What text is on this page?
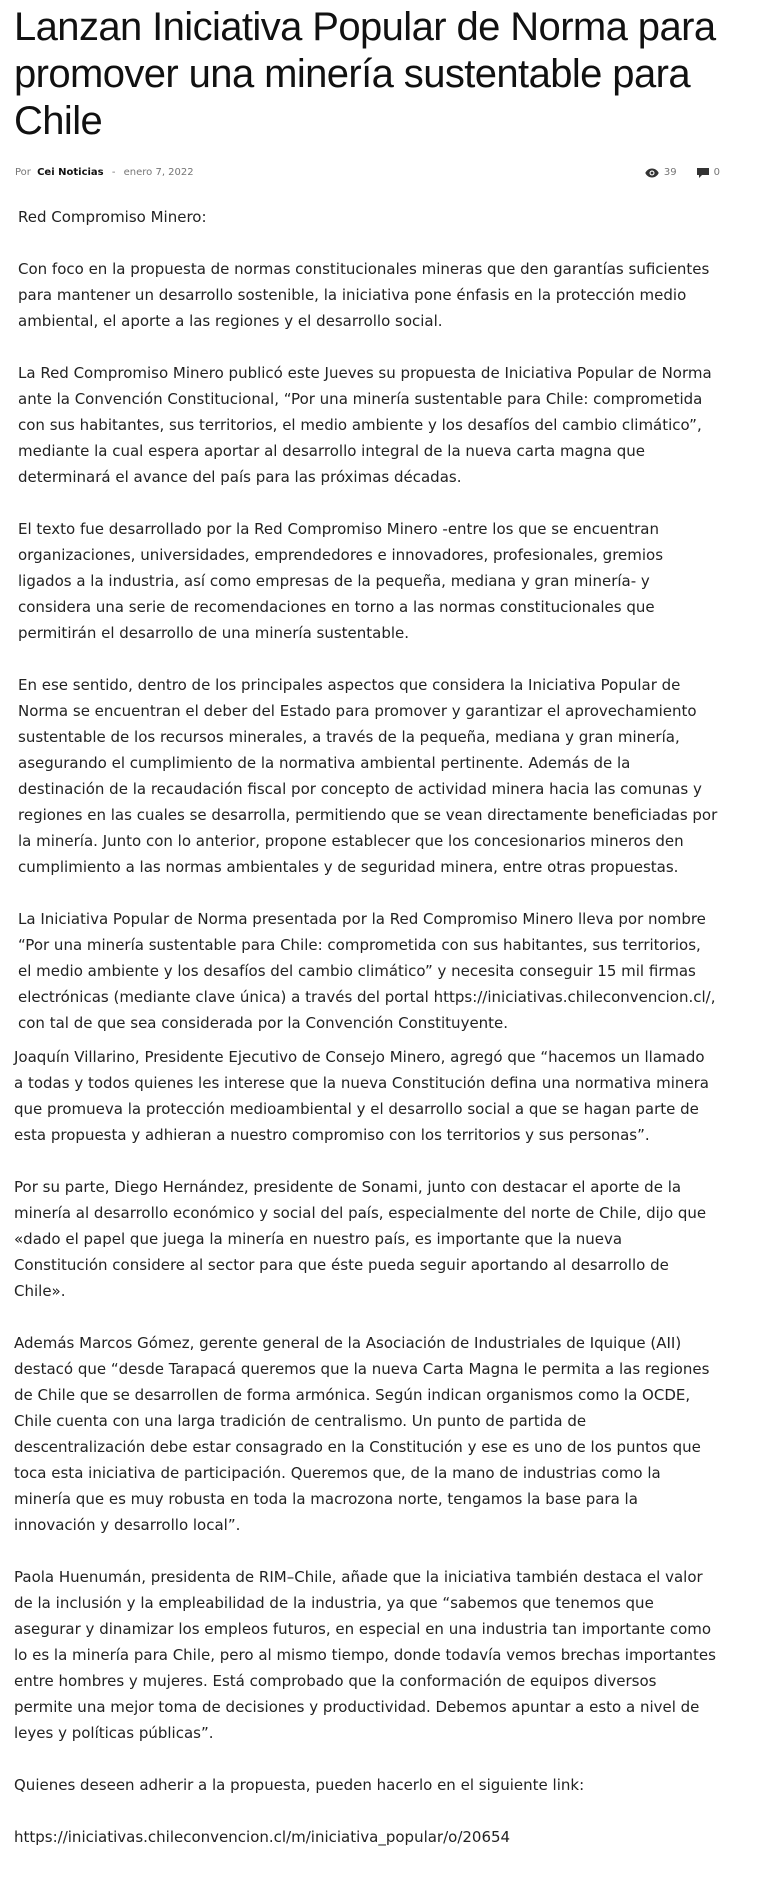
Lanzan Iniciativa Popular de Norma para promover una minería sustentable para Chile
Por Cei Noticias - enero 7, 2022	39	0

Red Compromiso Minero:

Con foco en la propuesta de normas constitucionales mineras que den garantías suficientes para mantener un desarrollo sostenible, la iniciativa pone énfasis en la protección medio ambiental, el aporte a las regiones y el desarrollo social.

La Red Compromiso Minero publicó este Jueves su propuesta de Iniciativa Popular de Norma ante la Convención Constitucional, “Por una minería sustentable para Chile: comprometida con sus habitantes, sus territorios, el medio ambiente y los desafíos del cambio climático”, mediante la cual espera aportar al desarrollo integral de la nueva carta magna que determinará el avance del país para las próximas décadas.

El texto fue desarrollado por la Red Compromiso Minero -entre los que se encuentran organizaciones, universidades, emprendedores e innovadores, profesionales, gremios ligados a la industria, así como empresas de la pequeña, mediana y gran minería- y considera una serie de recomendaciones en torno a las normas constitucionales que permitirán el desarrollo de una minería sustentable.

En ese sentido, dentro de los principales aspectos que considera la Iniciativa Popular de Norma se encuentran el deber del Estado para promover y garantizar el aprovechamiento sustentable de los recursos minerales, a través de la pequeña, mediana y gran minería, asegurando el cumplimiento de la normativa ambiental pertinente. Además de la destinación de la recaudación fiscal por concepto de actividad minera hacia las comunas y regiones en las cuales se desarrolla, permitiendo que se vean directamente beneficiadas por la minería. Junto con lo anterior, propone establecer que los concesionarios mineros den cumplimiento a las normas ambientales y de seguridad minera, entre otras propuestas.

La Iniciativa Popular de Norma presentada por la Red Compromiso Minero lleva por nombre “Por una minería sustentable para Chile: comprometida con sus habitantes, sus territorios, el medio ambiente y los desafíos del cambio climático” y necesita conseguir 15 mil firmas electrónicas (mediante clave única) a través del portal https://iniciativas.chileconvencion.cl/, con tal de que sea considerada por la Convención Constituyente.

Joaquín Villarino, Presidente Ejecutivo de Consejo Minero, agregó que “hacemos un llamado a todas y todos quienes les interese que la nueva Constitución defina una normativa minera que promueva la protección medioambiental y el desarrollo social a que se hagan parte de esta propuesta y adhieran a nuestro compromiso con los territorios y sus personas”.

Por su parte, Diego Hernández, presidente de Sonami, junto con destacar el aporte de la minería al desarrollo económico y social del país, especialmente del norte de Chile, dijo que «dado el papel que juega la minería en nuestro país, es importante que la nueva Constitución considere al sector para que éste pueda seguir aportando al desarrollo de Chile».

Además Marcos Gómez, gerente general de la Asociación de Industriales de Iquique (AII) destacó que “desde Tarapacá queremos que la nueva Carta Magna le permita a las regiones de Chile que se desarrollen de forma armónica. Según indican organismos como la OCDE, Chile cuenta con una larga tradición de centralismo. Un punto de partida de descentralización debe estar consagrado en la Constitución y ese es uno de los puntos que toca esta iniciativa de participación. Queremos que, de la mano de industrias como la minería que es muy robusta en toda la macrozona norte, tengamos la base para la innovación y desarrollo local”.

Paola Huenumán, presidenta de RIM–Chile, añade que la iniciativa también destaca el valor de la inclusión y la empleabilidad de la industria, ya que “sabemos que tenemos que asegurar y dinamizar los empleos futuros, en especial en una industria tan importante como lo es la minería para Chile, pero al mismo tiempo, donde todavía vemos brechas importantes entre hombres y mujeres. Está comprobado que la conformación de equipos diversos permite una mejor toma de decisiones y productividad. Debemos apuntar a esto a nivel de leyes y políticas públicas”.

Quienes deseen adherir a la propuesta, pueden hacerlo en el siguiente link:

https://iniciativas.chileconvencion.cl/m/iniciativa_popular/o/20654
